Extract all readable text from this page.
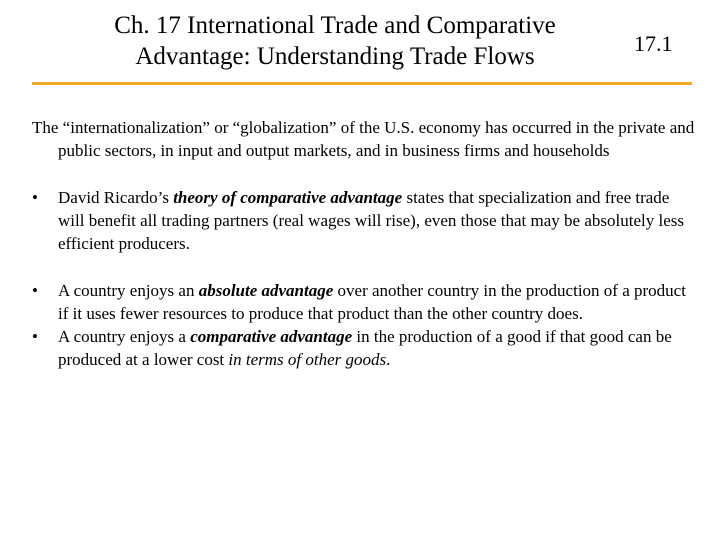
Ch. 17 International Trade and Comparative
Advantage: Understanding Trade Flows	17.1

The “internationalization” or “globalization” of the U.S. economy has occurred in the private and public sectors, in input and output markets, and in business firms and households

•	David Ricardo’s theory of comparative advantage states that specialization and free trade will benefit all trading partners (real wages will rise), even those that may be absolutely less efficient producers.
•	A country enjoys an absolute advantage over another country in the production of a product if it uses fewer resources to produce that product than the other country does.
•	A country enjoys a comparative advantage in the production of a good if that good can be produced at a lower cost in terms of other goods.
